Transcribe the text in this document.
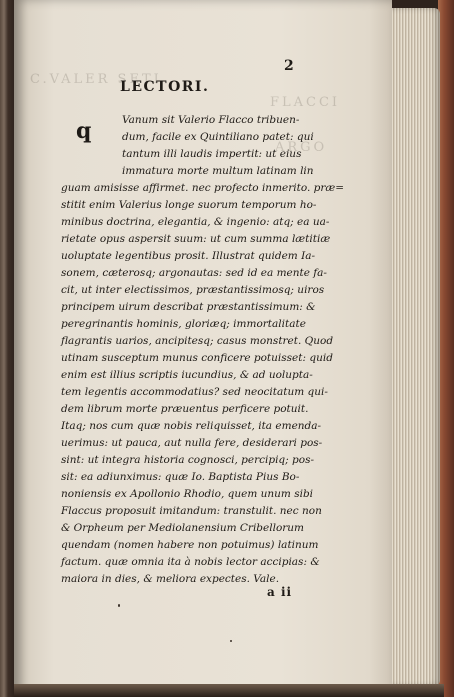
C.VALER SETI
FLACCI
ARGO
2
LECTORI.
q	Vanum sit Valerio Flacco tribuen-
dum, facile ex Quintiliano patet: qui
tantum illi laudis impertit: ut eius
immatura morte multum latinam lin
guam amisisse affirmet. nec profecto inmerito. præ=
stitit enim Valerius longe suorum temporum ho-
minibus doctrina, elegantia, & ingenio: atq; ea ua-
rietate opus aspersit suum: ut cum summa lætitiæ
uoluptate legentibus prosit. Illustrat quidem Ia-
sonem, cæterosq; argonautas: sed id ea mente fa-
cit, ut inter electissimos, præstantissimosq; uiros
principem uirum describat præstantissimum: &
peregrinantis hominis, gloriæq; immortalitate
flagrantis uarios, ancipitesq; casus monstret. Quod
utinam susceptum munus conficere potuisset: quid
enim est illius scriptis iucundius, & ad uolupta-
tem legentis accommodatius? sed neocitatum qui-
dem librum morte præuentus perficere potuit.
Itaq; nos cum quæ nobis reliquisset, ita emenda-
uerimus: ut pauca, aut nulla fere, desiderari pos-
sint: ut integra historia cognosci, percipiq; pos-
sit: ea adiunximus: quæ Io. Baptista Pius Bo-
noniensis ex Apollonio Rhodio, quem unum sibi
Flaccus proposuit imitandum: transtulit. nec non
& Orpheum per Mediolanensium Cribellorum
quendam (nomen habere non potuimus) latinum
factum. quæ omnia ita à nobis lector accipias: &
maiora in dies, & meliora expectes. Vale.
a ii
